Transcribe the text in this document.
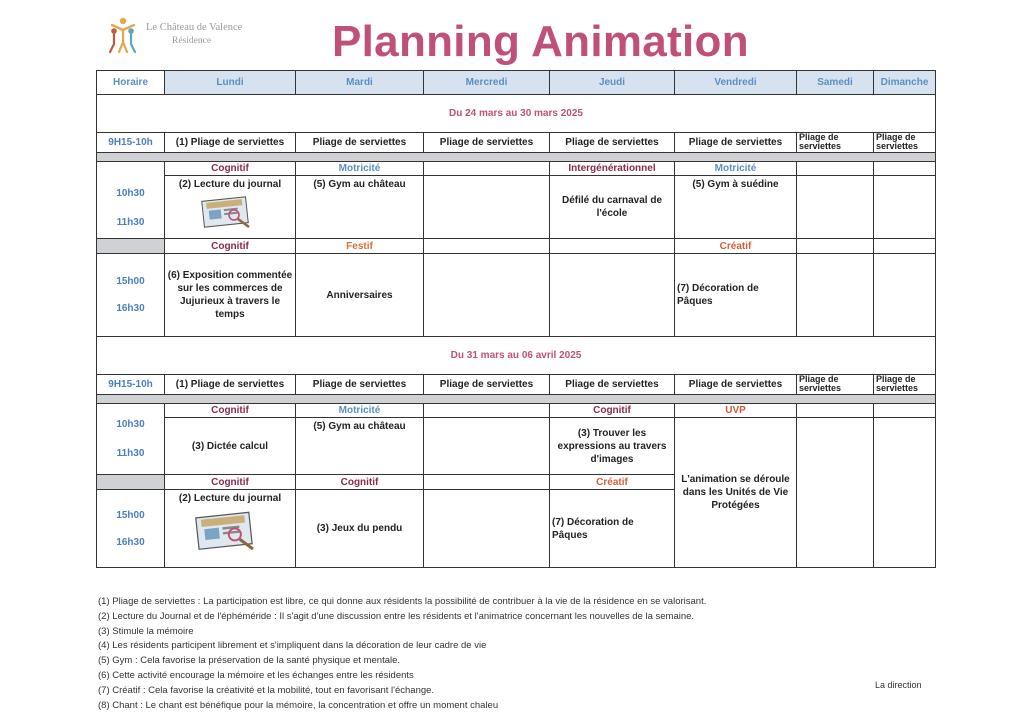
Le Château de Valence
Résidence	Planning Animation
Horaire	Lundi	Mardi	Mercredi	Jeudi	Vendredi	Samedi	Dimanche
Du 24 mars au 30 mars 2025							
9H15-10h	(1) Pliage de serviettes	Pliage de serviettes	Pliage de serviettes	Pliage de serviettes	Pliage de serviettes	Pliage de serviettes	Pliage de serviettes

10h30
11h30	Cognitif	Motricité		Intergénérationnel	Motricité		

	(2) Lecture du journal	(5) Gym au château		Défilé du carnaval de l'école	(5) Gym à suédine		
	Cognitif	Festif			Créatif		

15h00
16h30	(6) Exposition commentée sur les commerces de Jujurieux à travers le temps	Anniversaires			(7) Décoration de Pâques		
Du 31 mars au 06 avril 2025							
9H15-10h	(1) Pliage de serviettes	Pliage de serviettes	Pliage de serviettes	Pliage de serviettes	Pliage de serviettes	Pliage de serviettes	Pliage de serviettes

10h30
11h30	Cognitif	Motricité		Cognitif	UVP		
	(3) Dictée calcul	(5) Gym au château		(3) Trouver les expressions au travers d'images	L'animation se déroule dans les Unités de Vie Protégées		
	Cognitif	Cognitif		Créatif			

15h00
16h30	(2) Lecture du journal	(3) Jeux du pendu		(7) Décoration de Pâques			
(1) Pliage de serviettes : La participation est libre, ce qui donne aux résidents la possibilité de contribuer à la vie de la résidence en se valorisant.
(2) Lecture du Journal et de l'éphéméride : Il s'agit d'une discussion entre les résidents et l'animatrice concernant les nouvelles de la semaine.
(3) Stimule la mémoire
(4) Les résidents participent librement et s'impliquent dans la décoration de leur cadre de vie
(5) Gym : Cela favorise la préservation de la santé physique et mentale.
(6) Cette activité encourage la mémoire et les échanges entre les résidents
(7) Créatif : Cela favorise la créativité et la mobilité, tout en favorisant l'échange.
(8) Chant : Le chant est bénéfique pour la mémoire, la concentration et offre un moment chaleu
La direction
